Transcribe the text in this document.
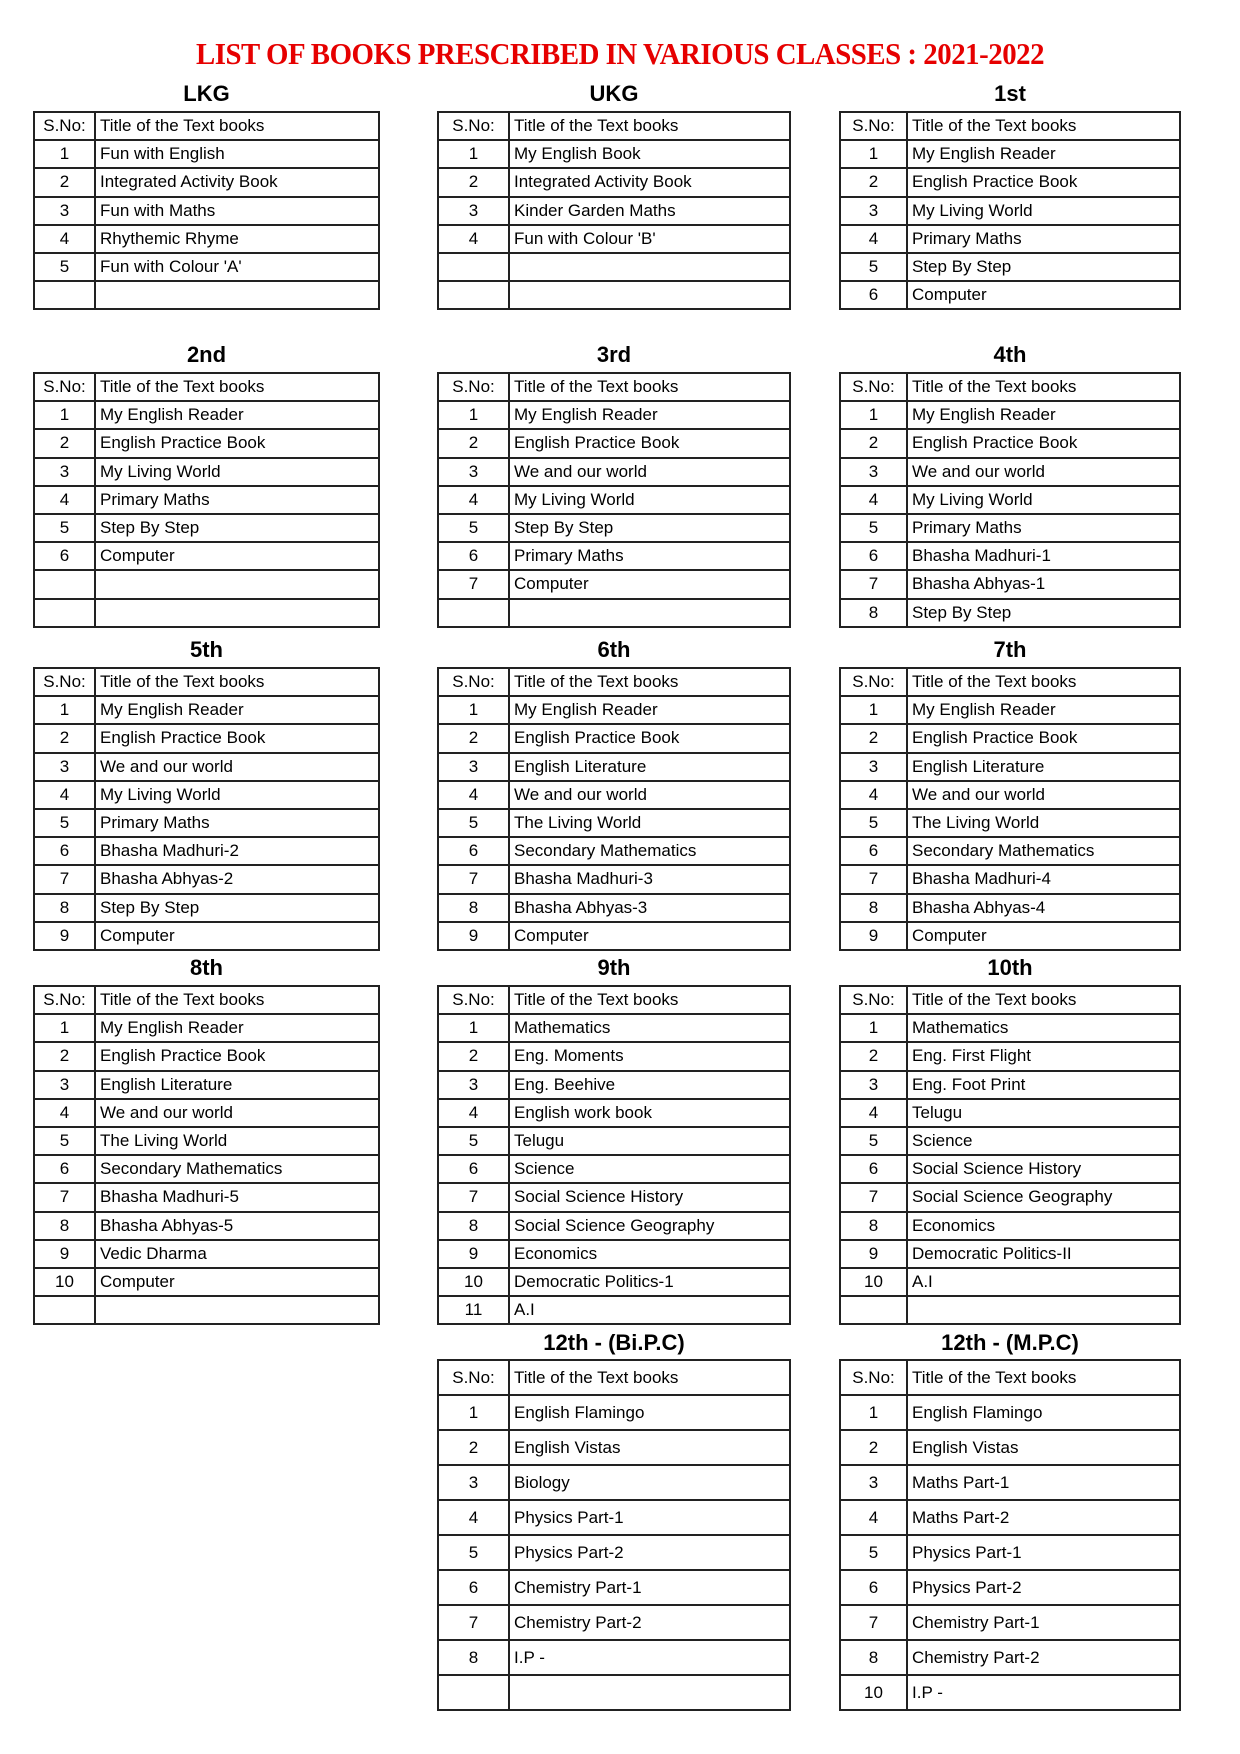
LIST OF BOOKS PRESCRIBED IN VARIOUS CLASSES : 2021-2022
LKG
S.No:	Title of the Text books
1	Fun with English
2	Integrated Activity Book
3	Fun with Maths
4	Rhythemic Rhyme
5	Fun with Colour 'A'

UKG
S.No:	Title of the Text books
1	My English Book
2	Integrated Activity Book
3	Kinder Garden Maths
4	Fun with Colour 'B'

1st
S.No:	Title of the Text books
1	My English Reader
2	English Practice Book
3	My Living World
4	Primary Maths
5	Step By Step
6	Computer
2nd
S.No:	Title of the Text books
1	My English Reader
2	English Practice Book
3	My Living World
4	Primary Maths
5	Step By Step
6	Computer

3rd
S.No:	Title of the Text books
1	My English Reader
2	English Practice Book
3	We and our world
4	My Living World
5	Step By Step
6	Primary Maths
7	Computer

4th
S.No:	Title of the Text books
1	My English Reader
2	English Practice Book
3	We and our world
4	My Living World
5	Primary Maths
6	Bhasha Madhuri-1
7	Bhasha Abhyas-1
8	Step By Step
5th
S.No:	Title of the Text books
1	My English Reader
2	English Practice Book
3	We and our world
4	My Living World
5	Primary Maths
6	Bhasha Madhuri-2
7	Bhasha Abhyas-2
8	Step By Step
9	Computer
6th
S.No:	Title of the Text books
1	My English Reader
2	English Practice Book
3	English Literature
4	We and our world
5	The Living World
6	Secondary Mathematics
7	Bhasha Madhuri-3
8	Bhasha Abhyas-3
9	Computer
7th
S.No:	Title of the Text books
1	My English Reader
2	English Practice Book
3	English Literature
4	We and our world
5	The Living World
6	Secondary Mathematics
7	Bhasha Madhuri-4
8	Bhasha Abhyas-4
9	Computer
8th
S.No:	Title of the Text books
1	My English Reader
2	English Practice Book
3	English Literature
4	We and our world
5	The Living World
6	Secondary Mathematics
7	Bhasha Madhuri-5
8	Bhasha Abhyas-5
9	Vedic Dharma
10	Computer

9th
S.No:	Title of the Text books
1	Mathematics
2	Eng. Moments
3	Eng. Beehive
4	English work book
5	Telugu
6	Science
7	Social Science History
8	Social Science Geography
9	Economics
10	Democratic Politics-1
11	A.I
10th
S.No:	Title of the Text books
1	Mathematics
2	Eng. First Flight
3	Eng. Foot Print
4	Telugu
5	Science
6	Social Science History
7	Social Science Geography
8	Economics
9	Democratic Politics-II
10	A.I

12th - (Bi.P.C)
S.No:	Title of the Text books
1	English Flamingo
2	English Vistas
3	Biology
4	Physics Part-1
5	Physics Part-2
6	Chemistry Part-1
7	Chemistry Part-2
8	I.P -

12th - (M.P.C)
S.No:	Title of the Text books
1	English Flamingo
2	English Vistas
3	Maths Part-1
4	Maths Part-2
5	Physics Part-1
6	Physics Part-2
7	Chemistry Part-1
8	Chemistry Part-2
10	I.P -
